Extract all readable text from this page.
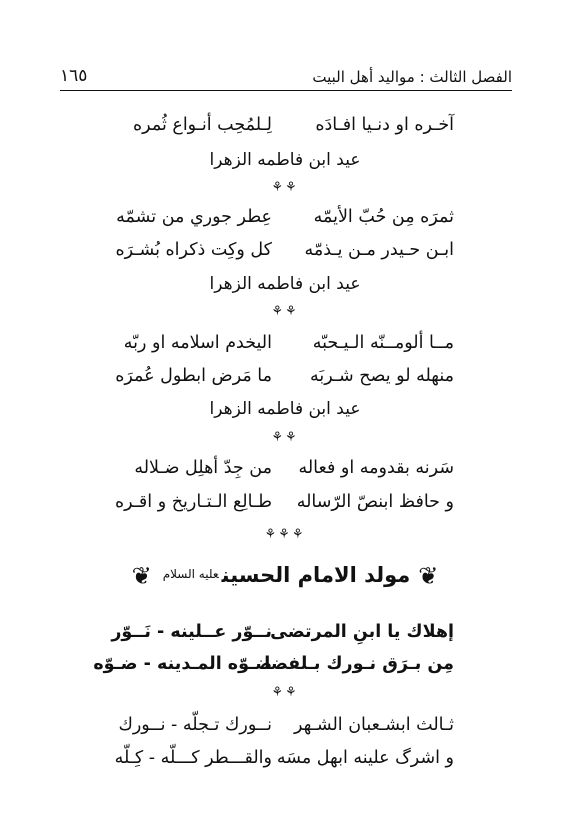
الفصل الثالث : مواليد أهل البيت
١٦٥
آخـره او دنـيا افـادَه
لِـلمُحِب أنـواع ثُمره
عيد ابن فاطمه الزهرا
⚘⚘
ثمرَه مِن حُبّ الأيمّه
عِطر جوري من تشمّه
ابـن حـيدر مـن يـذمّه
كل وكِت ذكراه بُشـرَه
عيد ابن فاطمه الزهرا
⚘⚘
مــا ألومــنّه الـيـحبّه
اليخدم اسلامه او ربّه
منهله لو يصح شـربَه
ما مَرض ابطول عُمرَه
عيد ابن فاطمه الزهرا
⚘⚘
سَرنه بقدومه او فعاله
من جِدّ أهلِل ضـلاله
و حافظ ابنصّ الرّساله
طـالِع الـتـاريخ و اقـره
⚘⚘⚘
❦مولد الامام الحسينعليه السلام❦
إهلاك يا ابنِ المرتضى
نــوّر عــلينه - نَــوّر
مِن بـرَق نـورك بـلفضا
ضـوّه المـدينه - ضـوّه
⚘⚘
ثـالث ابشـعبان الشـهر
نــورك تـجلّه - نــورك
و اشرگ علينه ابهل مسَه
والقـــطر كـــلّه - كِـلّه
